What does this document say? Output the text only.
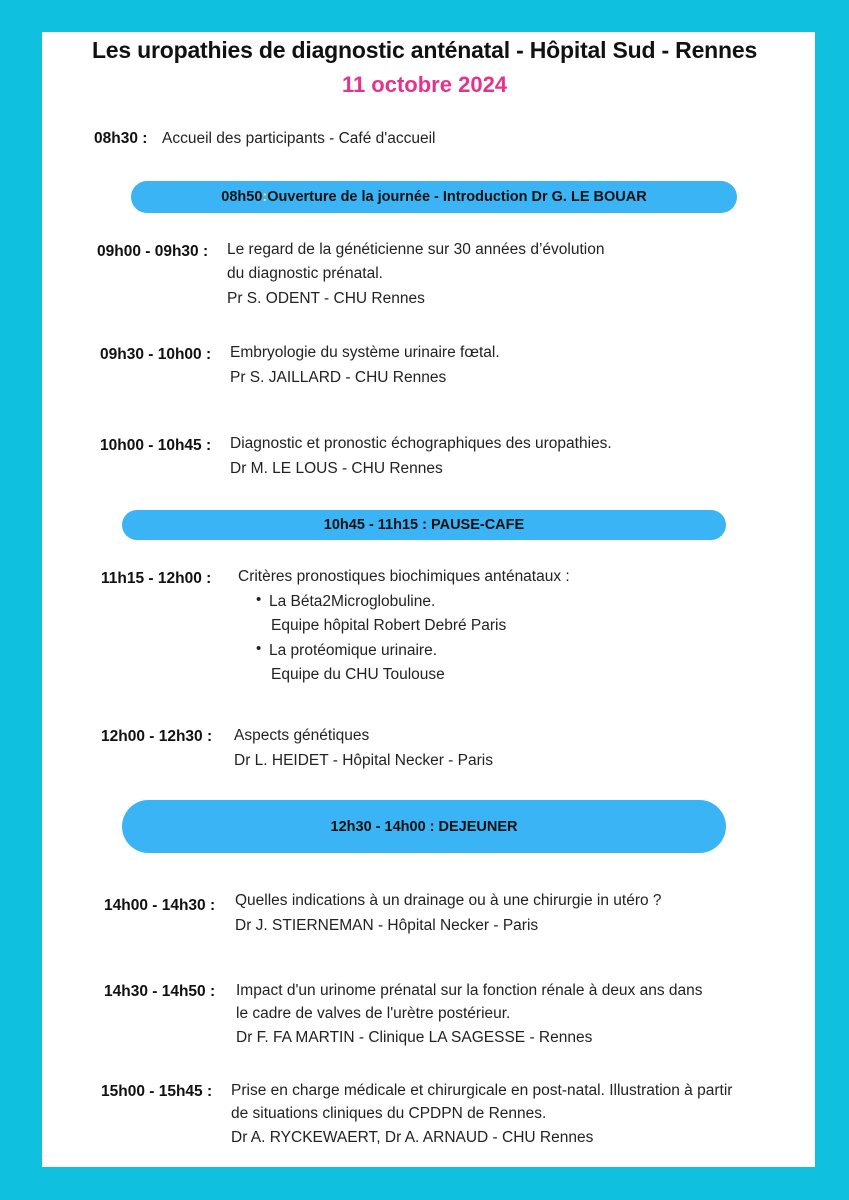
Les uropathies de diagnostic anténatal - Hôpital Sud - Rennes
11 octobre 2024
08h30 : Accueil des participants - Café d'accueil
08h50 : Ouverture de la journée - Introduction Dr G. LE BOUAR
09h00 - 09h30 : Le regard de la généticienne sur 30 années d’évolution
du diagnostic prénatal.
Pr S. ODENT - CHU Rennes
09h30 - 10h00 : Embryologie du système urinaire fœtal.
Pr S. JAILLARD - CHU Rennes
10h00 - 10h45 : Diagnostic et pronostic échographiques des uropathies.
Dr M. LE LOUS - CHU Rennes
10h45 - 11h15 : PAUSE-CAFE
11h15 - 12h00 : Critères pronostiques biochimiques anténataux :
• La Béta2Microglobuline.
Equipe hôpital Robert Debré Paris
• La protéomique urinaire.
Equipe du CHU Toulouse
12h00 - 12h30 : Aspects génétiques
Dr L. HEIDET - Hôpital Necker - Paris
12h30 - 14h00 : DEJEUNER
14h00 - 14h30 : Quelles indications à un drainage ou à une chirurgie in utéro ?
Dr J. STIERNEMAN - Hôpital Necker - Paris
14h30 - 14h50 : Impact d'un urinome prénatal sur la fonction rénale à deux ans dans
le cadre de valves de l'urètre postérieur.
Dr F. FA MARTIN - Clinique LA SAGESSE - Rennes
15h00 - 15h45 : Prise en charge médicale et chirurgicale en post-natal. Illustration à partir
de situations cliniques du CPDPN de Rennes.
Dr A. RYCKEWAERT, Dr A. ARNAUD - CHU Rennes
